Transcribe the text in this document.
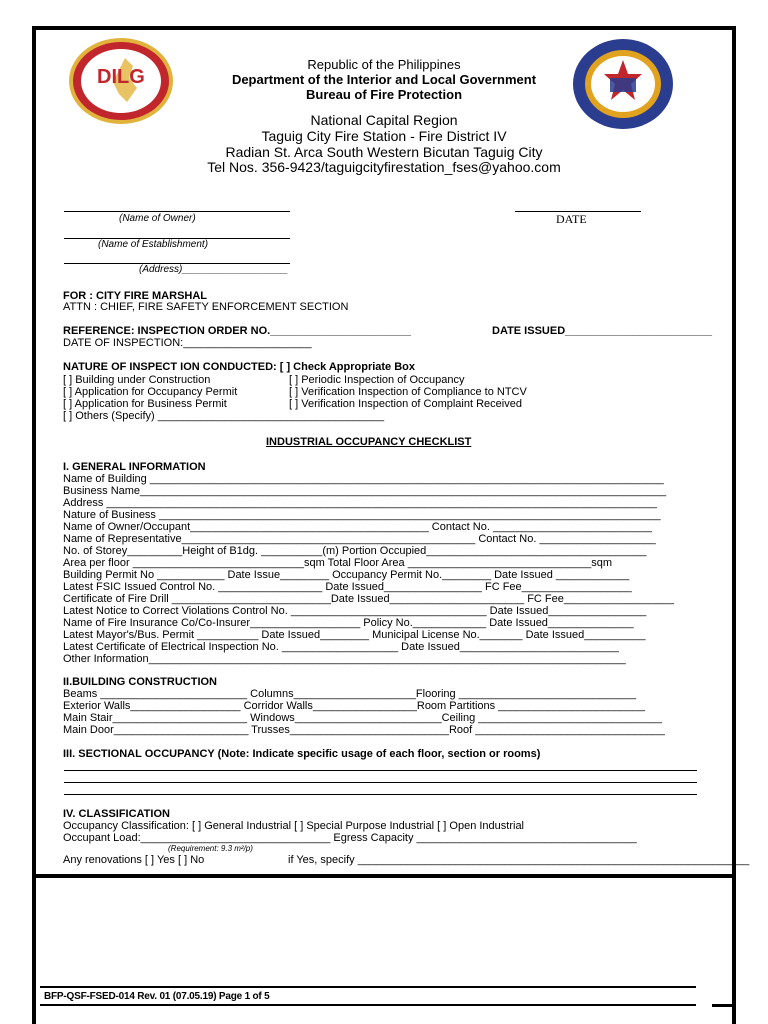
DILG
Republic of the Philippines
Department of the Interior and Local Government
Bureau of Fire Protection
National Capital Region
Taguig City Fire Station - Fire District IV
Radian St. Arca South Western Bicutan Taguig City
Tel Nos. 356-9423/taguigcityfirestation_fses@yahoo.com
(Name of Owner)	DATE
(Name of Establishment)
(Address)___________________
FOR : CITY FIRE MARSHAL
ATTN : CHIEF, FIRE SAFETY ENFORCEMENT SECTION
REFERENCE: INSPECTION ORDER NO._______________________	DATE ISSUED________________________
DATE OF INSPECTION:_____________________
NATURE OF INSPECT ION CONDUCTED: [ ] Check Appropriate Box
[ ] Building under Construction
[ ] Application for Occupancy Permit
[ ] Application for Business Permit
[ ] Others (Specify) _____________________________________
[ ] Periodic Inspection of Occupancy
[ ] Verification Inspection of Compliance to NTCV
[ ] Verification Inspection of Complaint Received
INDUSTRIAL OCCUPANCY CHECKLIST
I. GENERAL INFORMATION
Name of Building ____________________________________________________________________________________
Business Name______________________________________________________________________________________
Address __________________________________________________________________________________________
Nature of Business __________________________________________________________________________________
Name of Owner/Occupant_______________________________________ Contact No. __________________________
Name of Representative________________________________________________ Contact No. ___________________
No. of Storey_________Height of B1dg. __________(m) Portion Occupied____________________________________
Area per floor ____________________________sqm Total Floor Area ______________________________sqm
Building Permit No ___________ Date Issue________ Occupancy Permit No.________ Date Issued ____________
Latest FSIC Issued Control No. _________________ Date Issued________________ FC Fee__________________
Certificate of Fire Drill __________________________Date Issued______________________ FC Fee__________________
Latest Notice to Correct Violations Control No. ________________________________ Date Issued________________
Name of Fire Insurance Co/Co-Insurer__________________ Policy No.____________ Date Issued______________
Latest Mayor's/Bus. Permit __________ Date Issued________ Municipal License No._______ Date Issued__________
Latest Certificate of Electrical Inspection No. ___________________ Date Issued__________________________
Other Information______________________________________________________________________________
II.BUILDING CONSTRUCTION
Beams ________________________ Columns____________________Flooring _____________________________
Exterior Walls__________________ Corridor Walls_________________Room Partitions ________________________
Main Stair______________________ Windows________________________Ceiling ______________________________
Main Door______________________ Trusses__________________________Roof _______________________________
III. SECTIONAL OCCUPANCY (Note: Indicate specific usage of each floor, section or rooms)
IV. CLASSIFICATION
Occupancy Classification: [ ] General Industrial [ ] Special Purpose Industrial [ ] Open Industrial
Occupant Load:_______________________________ Egress Capacity ____________________________________
(Requirement: 9.3 m²/p)
Any renovations [ ] Yes [ ] No	if Yes, specify ________________________________________________________________
BFP-QSF-FSED-014 Rev. 01 (07.05.19) Page 1 of 5
